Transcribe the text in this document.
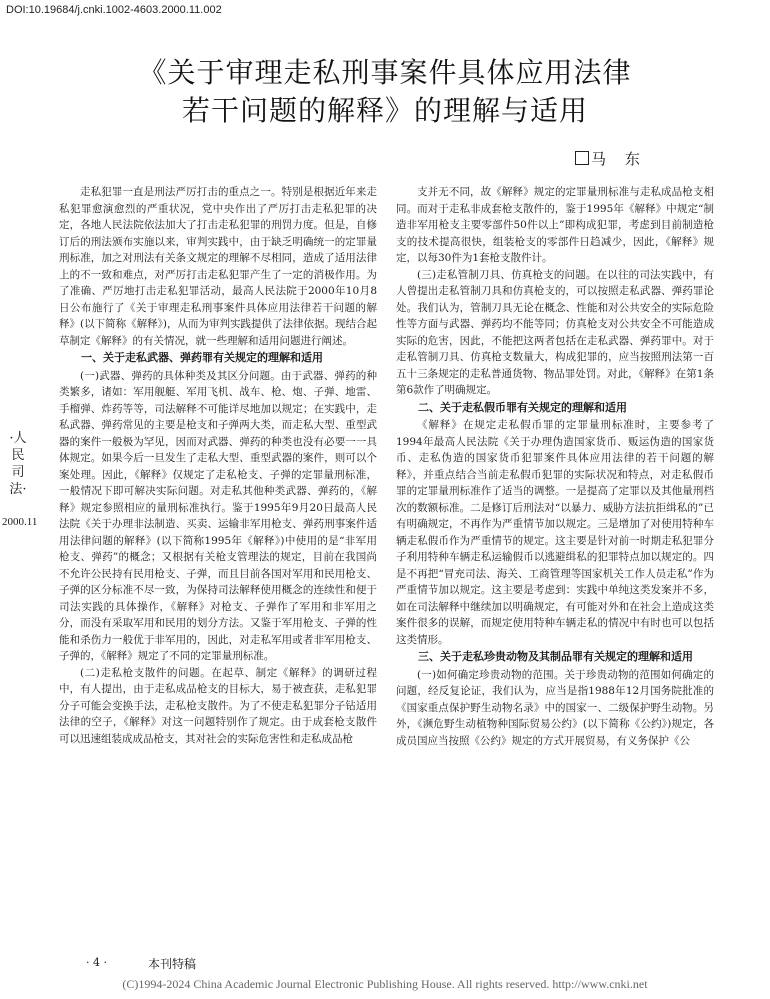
DOI:10.19684/j.cnki.1002-4603.2000.11.002
《关于审理走私刑事案件具体应用法律
若干问题的解释》的理解与适用
马　东
·人民司法·
2000.11

走私犯罪一直是刑法严厉打击的重点之一。特别是根据近年来走私犯罪愈演愈烈的严重状况，党中央作出了严厉打击走私犯罪的决定，各地人民法院依法加大了打击走私犯罪的刑罚力度。但是，自修订后的刑法颁布实施以来，审判实践中，由于缺乏明确统一的定罪量刑标准，加之对刑法有关条文规定的理解不尽相同，造成了适用法律上的不一致和难点，对严厉打击走私犯罪产生了一定的消极作用。为了准确、严厉地打击走私犯罪活动，最高人民法院于2000年10月8日公布施行了《关于审理走私刑事案件具体应用法律若干问题的解释》(以下简称《解释》)，从而为审判实践提供了法律依据。现结合起草制定《解释》的有关情况，就一些理解和适用问题进行阐述。

一、关于走私武器、弹药罪有关规定的理解和适用

(一)武器、弹药的具体种类及其区分问题。由于武器、弹药的种类繁多，诸如：军用舰艇、军用飞机、战车、枪、炮、子弹、地雷、手榴弹、炸药等等，司法解释不可能详尽地加以规定；在实践中，走私武器、弹药常见的主要是枪支和子弹两大类，而走私大型、重型武器的案件一般极为罕见，因而对武器、弹药的种类也没有必要一一具体规定。如果今后一旦发生了走私大型、重型武器的案件，则可以个案处理。因此，《解释》仅规定了走私枪支、子弹的定罪量刑标准，一般情况下即可解决实际问题。对走私其他种类武器、弹药的，《解释》规定参照相应的量刑标准执行。鉴于1995年9月20日最高人民法院《关于办理非法制造、买卖、运输非军用枪支、弹药刑事案件适用法律问题的解释》(以下简称1995年《解释》)中使用的是“非军用枪支、弹药”的概念；又根据有关枪支管理法的规定，目前在我国尚不允许公民持有民用枪支、子弹，而且目前各国对军用和民用枪支、子弹的区分标准不尽一致，为保持司法解释使用概念的连续性和便于司法实践的具体操作，《解释》对枪支、子弹作了军用和非军用之分，而没有采取军用和民用的划分方法。又鉴于军用枪支、子弹的性能和杀伤力一般优于非军用的，因此，对走私军用或者非军用枪支、子弹的，《解释》规定了不同的定罪量刑标准。

(二)走私枪支散件的问题。在起草、制定《解释》的调研过程中，有人提出，由于走私成品枪支的目标大，易于被查获，走私犯罪分子可能会变换手法，走私枪支散件。为了不使走私犯罪分子钻适用法律的空子，《解释》对这一问题特别作了规定。由于成套枪支散件可以迅速组装成成品枪支，其对社会的实际危害性和走私成品枪

支并无不同，故《解释》规定的定罪量刑标准与走私成品枪支相同。而对于走私非成套枪支散件的，鉴于1995年《解释》中规定“制造非军用枪支主要零部件50件以上”即构成犯罪，考虑到目前制造枪支的技术提高很快，组装枪支的零部件日趋减少，因此，《解释》规定，以每30件为1套枪支散件计。

(三)走私管制刀具、仿真枪支的问题。在以往的司法实践中，有人曾提出走私管制刀具和仿真枪支的，可以按照走私武器、弹药罪论处。我们认为，管制刀具无论在概念、性能和对公共安全的实际危险性等方面与武器、弹药均不能等同；仿真枪支对公共安全不可能造成实际的危害，因此，不能把这两者包括在走私武器、弹药罪中。对于走私管制刀具、仿真枪支数量大，构成犯罪的，应当按照刑法第一百五十三条规定的走私普通货物、物品罪处罚。对此，《解释》在第1条第6款作了明确规定。

二、关于走私假币罪有关规定的理解和适用

《解释》在规定走私假币罪的定罪量刑标准时，主要参考了1994年最高人民法院《关于办理伪造国家货币、贩运伪造的国家货币、走私伪造的国家货币犯罪案件具体应用法律的若干问题的解释》，并重点结合当前走私假币犯罪的实际状况和特点，对走私假币罪的定罪量刑标准作了适当的调整。一是提高了定罪以及其他量刑档次的数额标准。二是修订后刑法对“以暴力、威胁方法抗拒缉私的”已有明确规定，不再作为严重情节加以规定。三是增加了对使用特种车辆走私假币作为严重情节的规定。这主要是针对前一时期走私犯罪分子利用特种车辆走私运输假币以逃避缉私的犯罪特点加以规定的。四是不再把“冒充司法、海关、工商管理等国家机关工作人员走私”作为严重情节加以规定。这主要是考虑到：实践中单纯这类发案并不多，如在司法解释中继续加以明确规定，有可能对外和在社会上造成这类案件很多的误解，而规定使用特种车辆走私的情况中有时也可以包括这类情形。

三、关于走私珍贵动物及其制品罪有关规定的理解和适用

(一)如何确定珍贵动物的范围。关于珍贵动物的范围如何确定的问题，经反复论证，我们认为，应当是指1988年12月国务院批准的《国家重点保护野生动物名录》中的国家一、二级保护野生动物。另外，《濒危野生动植物种国际贸易公约》(以下简称《公约》)规定，各成员国应当按照《公约》规定的方式开展贸易，有义务保护《公

· 4 ·	本刊特稿
(C)1994-2024 China Academic Journal Electronic Publishing House. All rights reserved. http://www.cnki.net
